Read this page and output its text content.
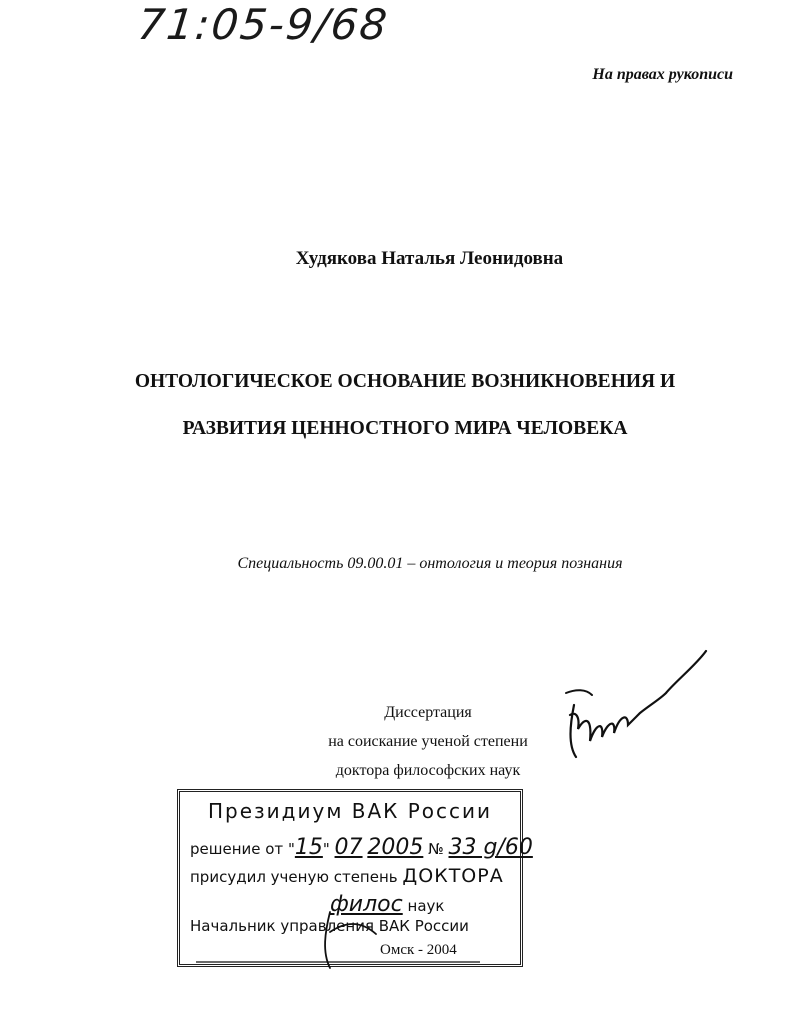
71:05-9/68
На правах рукописи
Худякова Наталья Леонидовна
ОНТОЛОГИЧЕСКОЕ ОСНОВАНИЕ ВОЗНИКНОВЕНИЯ И
РАЗВИТИЯ ЦЕННОСТНОГО МИРА ЧЕЛОВЕКА
Специальность 09.00.01 – онтология и теория познания
Диссертация
на соискание ученой степени
доктора философских наук
Президиум ВАК России
решение от "15" 07 2005 № 33 g/60
присудил ученую степень ДОКТОРА
филос наук
Начальник управления ВАК России
Омск - 2004
